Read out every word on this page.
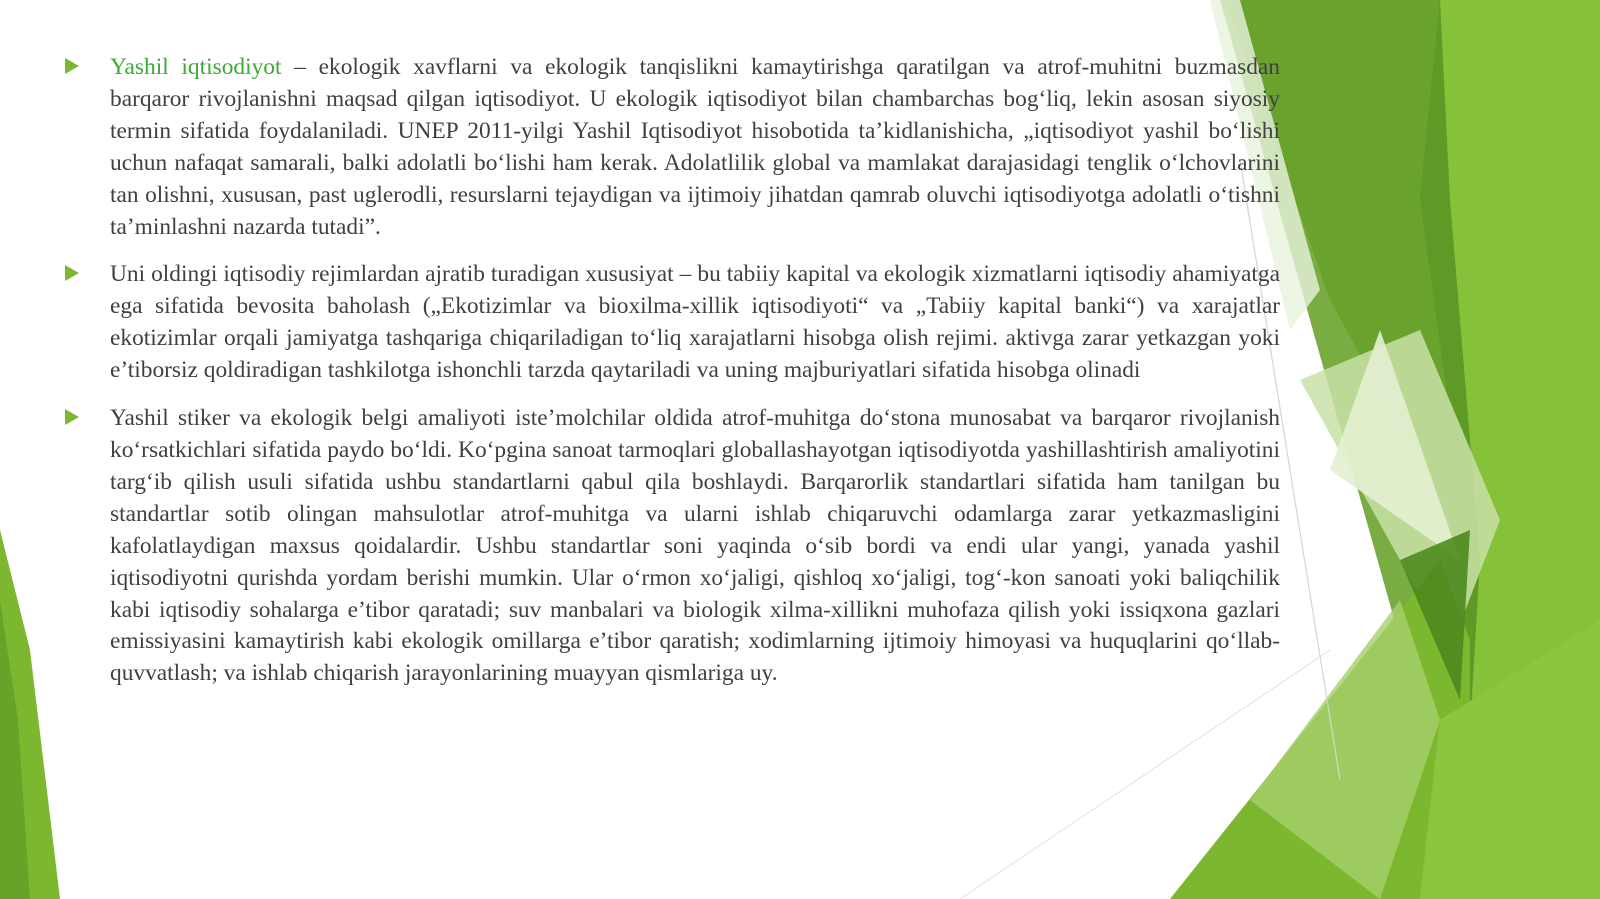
Yashil iqtisodiyot – ekologik xavflarni va ekologik tanqislikni kamaytirishga qaratilgan va atrof-muhitni buzmasdan barqaror rivojlanishni maqsad qilgan iqtisodiyot. U ekologik iqtisodiyot bilan chambarchas bog‘liq, lekin asosan siyosiy termin sifatida foydalaniladi. UNEP 2011-yilgi Yashil Iqtisodiyot hisobotida ta’kidlanishicha, „iqtisodiyot yashil bo‘lishi uchun nafaqat samarali, balki adolatli bo‘lishi ham kerak. Adolatlilik global va mamlakat darajasidagi tenglik o‘lchovlarini tan olishni, xususan, past uglerodli, resurslarni tejaydigan va ijtimoiy jihatdan qamrab oluvchi iqtisodiyotga adolatli o‘tishni ta’minlashni nazarda tutadi”.

Uni oldingi iqtisodiy rejimlardan ajratib turadigan xususiyat – bu tabiiy kapital va ekologik xizmatlarni iqtisodiy ahamiyatga ega sifatida bevosita baholash („Ekotizimlar va bioxilma-xillik iqtisodiyoti“ va „Tabiiy kapital banki“) va xarajatlar ekotizimlar orqali jamiyatga tashqariga chiqariladigan to‘liq xarajatlarni hisobga olish rejimi. aktivga zarar yetkazgan yoki e’tiborsiz qoldiradigan tashkilotga ishonchli tarzda qaytariladi va uning majburiyatlari sifatida hisobga olinadi

Yashil stiker va ekologik belgi amaliyoti iste’molchilar oldida atrof-muhitga do‘stona munosabat va barqaror rivojlanish ko‘rsatkichlari sifatida paydo bo‘ldi. Ko‘pgina sanoat tarmoqlari globallashayotgan iqtisodiyotda yashillashtirish amaliyotini targ‘ib qilish usuli sifatida ushbu standartlarni qabul qila boshlaydi. Barqarorlik standartlari sifatida ham tanilgan bu standartlar sotib olingan mahsulotlar atrof-muhitga va ularni ishlab chiqaruvchi odamlarga zarar yetkazmasligini kafolatlaydigan maxsus qoidalardir. Ushbu standartlar soni yaqinda o‘sib bordi va endi ular yangi, yanada yashil iqtisodiyotni qurishda yordam berishi mumkin. Ular o‘rmon xo‘jaligi, qishloq xo‘jaligi, tog‘-kon sanoati yoki baliqchilik kabi iqtisodiy sohalarga e’tibor qaratadi; suv manbalari va biologik xilma-xillikni muhofaza qilish yoki issiqxona gazlari emissiyasini kamaytirish kabi ekologik omillarga e’tibor qaratish; xodimlarning ijtimoiy himoyasi va huquqlarini qo‘llab-quvvatlash; va ishlab chiqarish jarayonlarining muayyan qismlariga uy.
